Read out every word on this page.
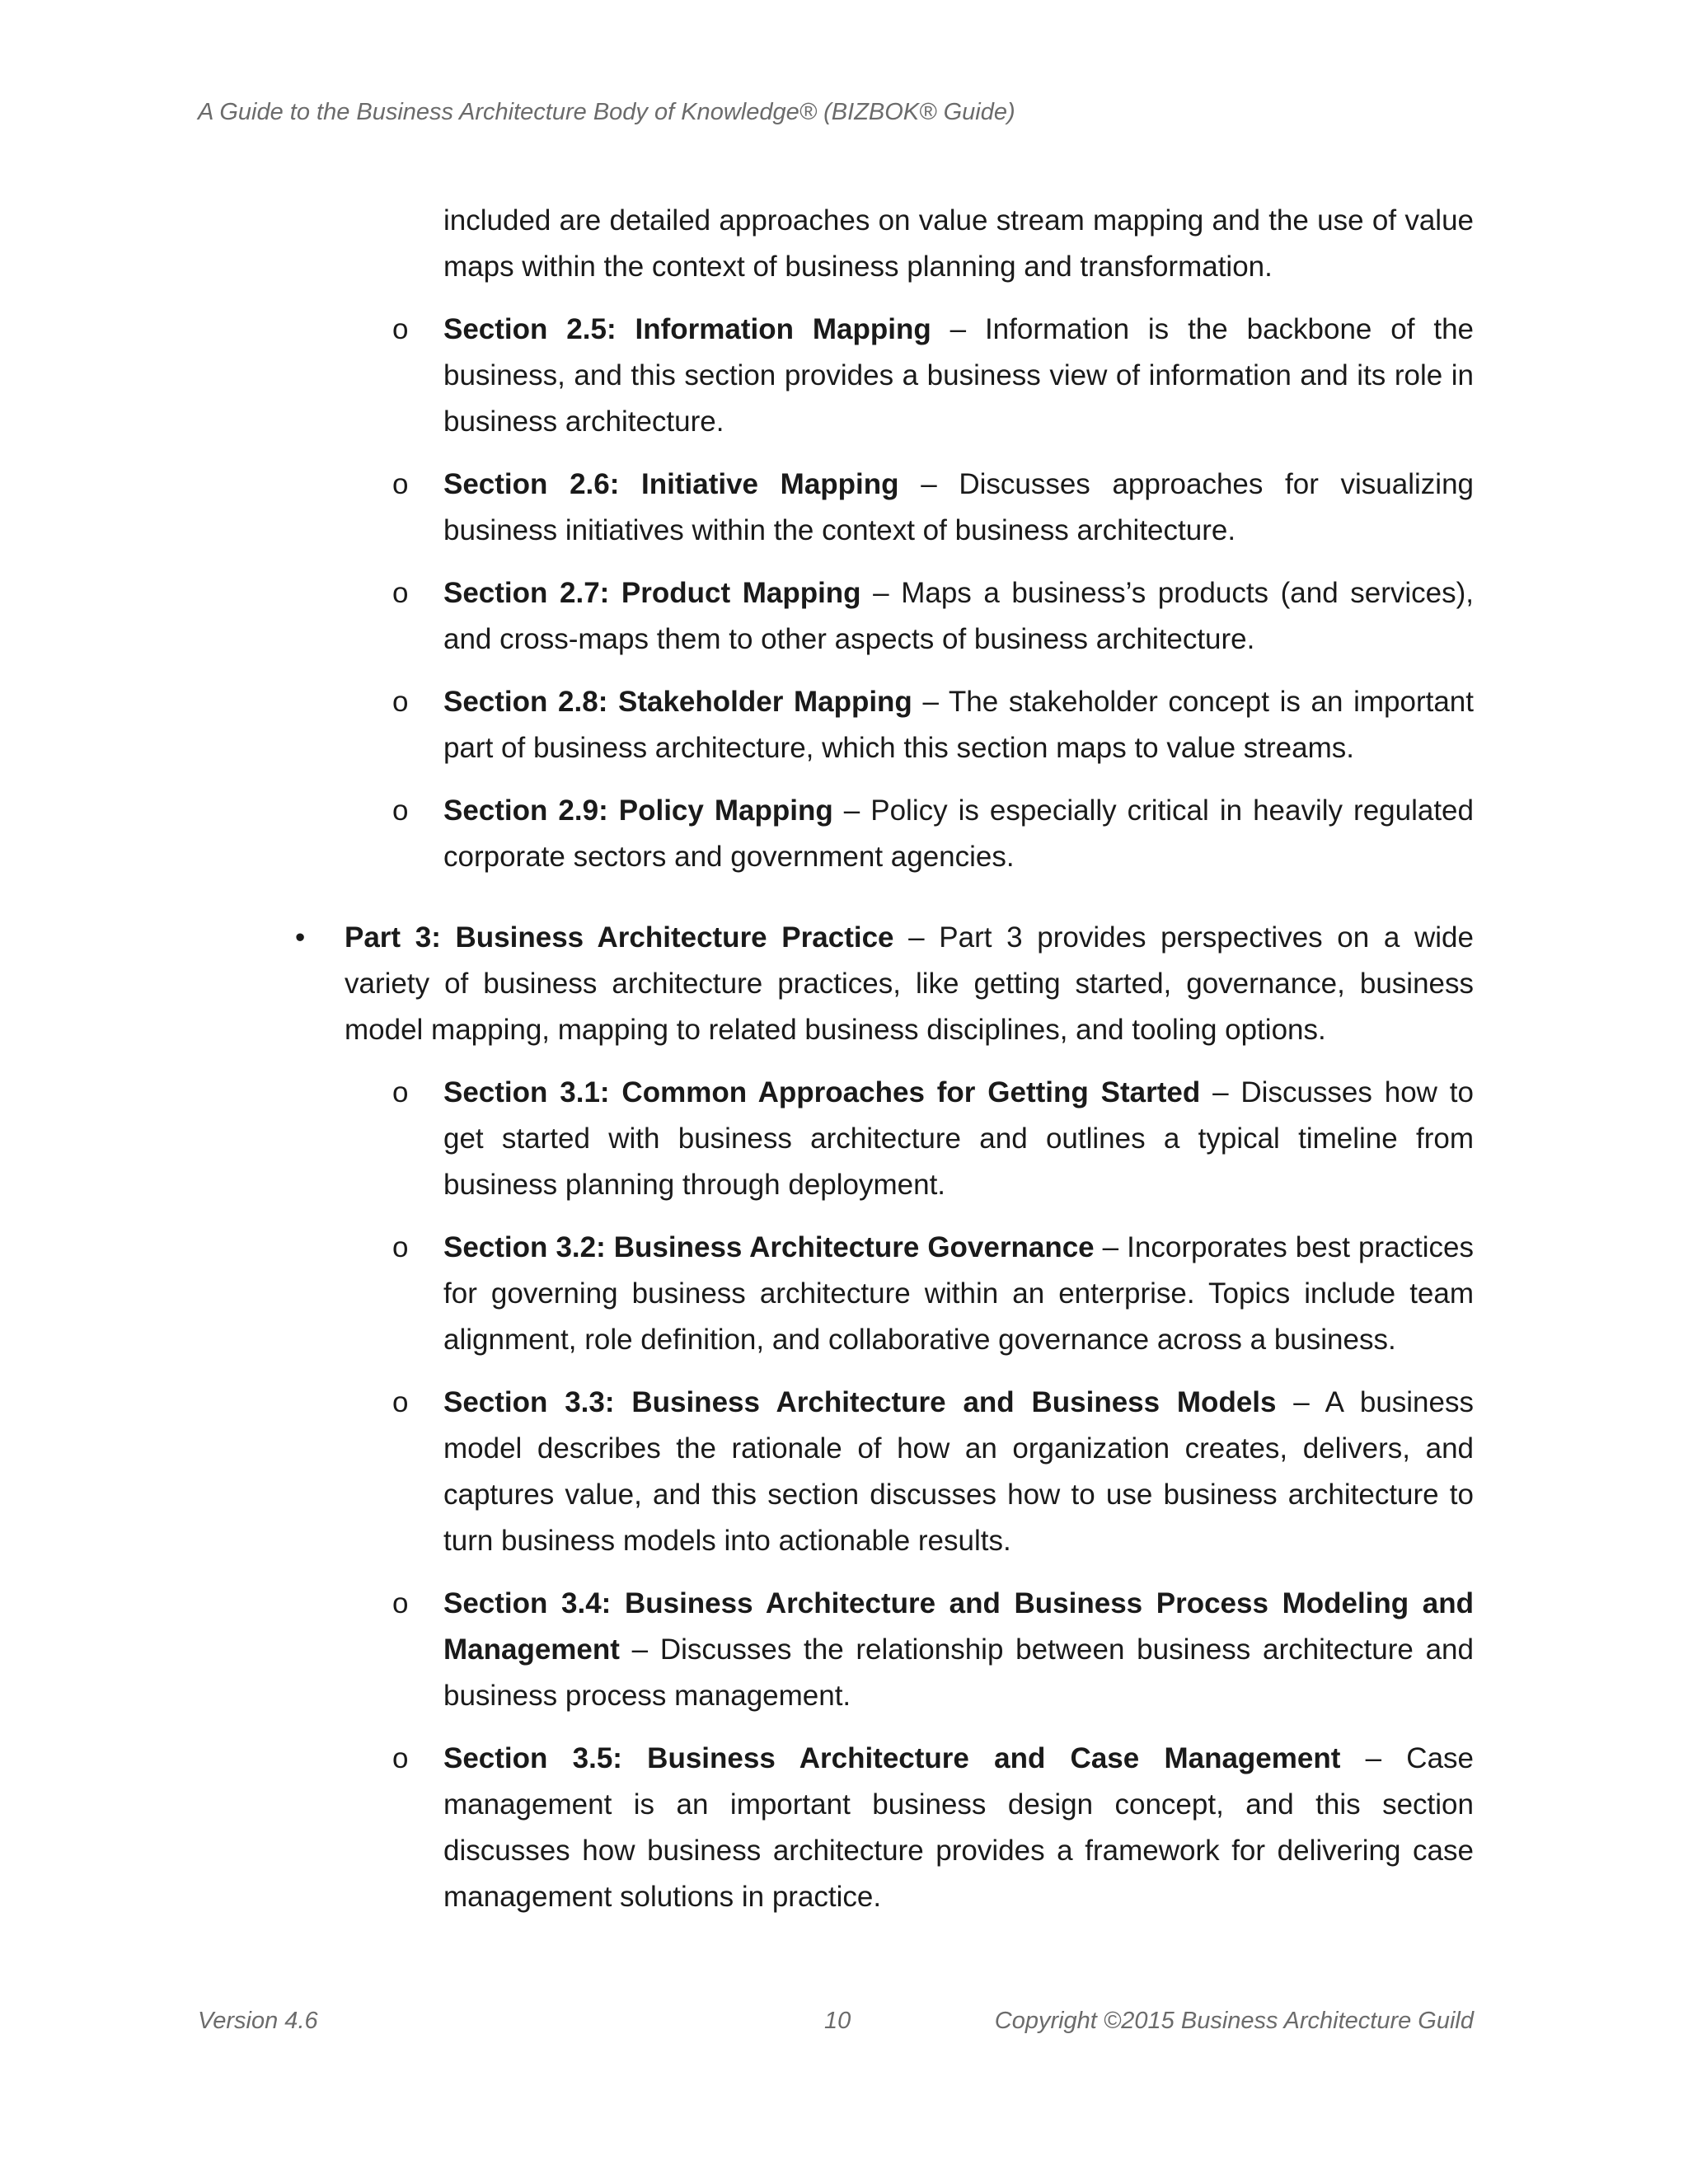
A Guide to the Business Architecture Body of Knowledge® (BIZBOK® Guide)

included are detailed approaches on value stream mapping and the use of value maps within the context of business planning and transformation.

o Section 2.5: Information Mapping – Information is the backbone of the business, and this section provides a business view of information and its role in business architecture.

o Section 2.6: Initiative Mapping – Discusses approaches for visualizing business initiatives within the context of business architecture.

o Section 2.7: Product Mapping – Maps a business’s products (and services), and cross-maps them to other aspects of business architecture.

o Section 2.8: Stakeholder Mapping – The stakeholder concept is an important part of business architecture, which this section maps to value streams.

o Section 2.9: Policy Mapping – Policy is especially critical in heavily regulated corporate sectors and government agencies.

• Part 3: Business Architecture Practice – Part 3 provides perspectives on a wide variety of business architecture practices, like getting started, governance, business model mapping, mapping to related business disciplines, and tooling options.

o Section 3.1: Common Approaches for Getting Started – Discusses how to get started with business architecture and outlines a typical timeline from business planning through deployment.

o Section 3.2: Business Architecture Governance – Incorporates best practices for governing business architecture within an enterprise. Topics include team alignment, role definition, and collaborative governance across a business.

o Section 3.3: Business Architecture and Business Models – A business model describes the rationale of how an organization creates, delivers, and captures value, and this section discusses how to use business architecture to turn business models into actionable results.

o Section 3.4: Business Architecture and Business Process Modeling and Management – Discusses the relationship between business architecture and business process management.

o Section 3.5: Business Architecture and Case Management – Case management is an important business design concept, and this section discusses how business architecture provides a framework for delivering case management solutions in practice.

Version 4.6	10	Copyright ©2015 Business Architecture Guild
